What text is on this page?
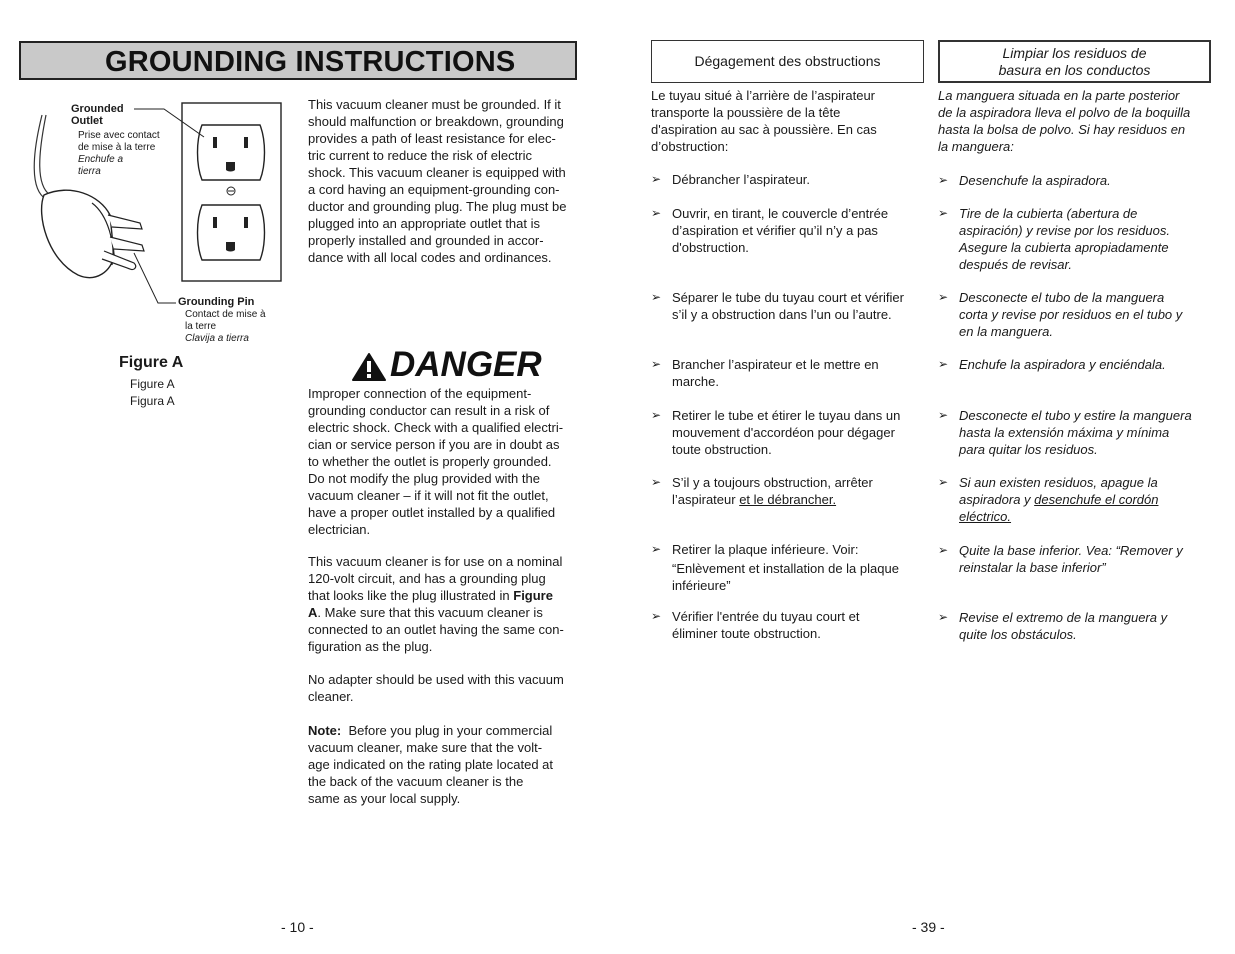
GROUNDING INSTRUCTIONS
Grounded Outlet
Prise avec contact de mise à la terre
Enchufe a tierra
Grounding Pin
Contact de mise à la terre
Clavija a tierra
Figure A
Figure A
Figura A
This vacuum cleaner must be grounded. If it
should malfunction or breakdown, grounding
provides a path of least resistance for elec-
tric current to reduce the risk of electric
shock. This vacuum cleaner is equipped with
a cord having an equipment-grounding con-
ductor and grounding plug. The plug must be
plugged into an appropriate outlet that is
properly installed and grounded in accor-
dance with all local codes and ordinances.
DANGER
Improper connection of the equipment-
grounding conductor can result in a risk of
electric shock. Check with a qualified electri-
cian or service person if you are in doubt as
to whether the outlet is properly grounded.
Do not modify the plug provided with the
vacuum cleaner – if it will not fit the outlet,
have a proper outlet installed by a qualified
electrician.
This vacuum cleaner is for use on a nominal
120-volt circuit, and has a grounding plug
that looks like the plug illustrated in Figure
A. Make sure that this vacuum cleaner is
connected to an outlet having the same con-
figuration as the plug.
No adapter should be used with this vacuum
cleaner.
Note: Before you plug in your commercial
vacuum cleaner, make sure that the volt-
age indicated on the rating plate located at
the back of the vacuum cleaner is the
same as your local supply.
- 10 -
Dégagement des obstructions	Limpiar los residuos de
basura en los conductos
Le tuyau situé à l’arrière de l’aspirateur
transporte la poussière de la tête
d'aspiration au sac à poussière. En cas
d’obstruction:
La manguera situada en la parte posterior
de la aspiradora lleva el polvo de la boquilla
hasta la bolsa de polvo. Si hay residuos en
la manguera:
➢ Débrancher l’aspirateur.
➢ Ouvrir, en tirant, le couvercle d’entrée
d’aspiration et vérifier qu’il n’y a pas
d'obstruction.
➢ Séparer le tube du tuyau court et vérifier
s’il y a obstruction dans l’un ou l’autre.
➢ Brancher l’aspirateur et le mettre en
marche.
➢ Retirer le tube et étirer le tuyau dans un
mouvement d'accordéon pour dégager
toute obstruction.
➢ S’il y a toujours obstruction, arrêter
l’aspirateur et le débrancher.
➢ Retirer la plaque inférieure. Voir:
“Enlèvement et installation de la plaque
inférieure”
➢ Vérifier l'entrée du tuyau court et
éliminer toute obstruction.
➢ Desenchufe la aspiradora.
➢ Tire de la cubierta (abertura de
aspiración) y revise por los residuos.
Asegure la cubierta apropiadamente
después de revisar.
➢ Desconecte el tubo de la manguera
corta y revise por residuos en el tubo y
en la manguera.
➢ Enchufe la aspiradora y enciéndala.
➢ Desconecte el tubo y estire la manguera
hasta la extensión máxima y mínima
para quitar los residuos.
➢ Si aun existen residuos, apague la
aspiradora y desenchufe el cordón
eléctrico.
➢ Quite la base inferior. Vea: “Remover y
reinstalar la base inferior”
➢ Revise el extremo de la manguera y
quite los obstáculos.
- 39 -
